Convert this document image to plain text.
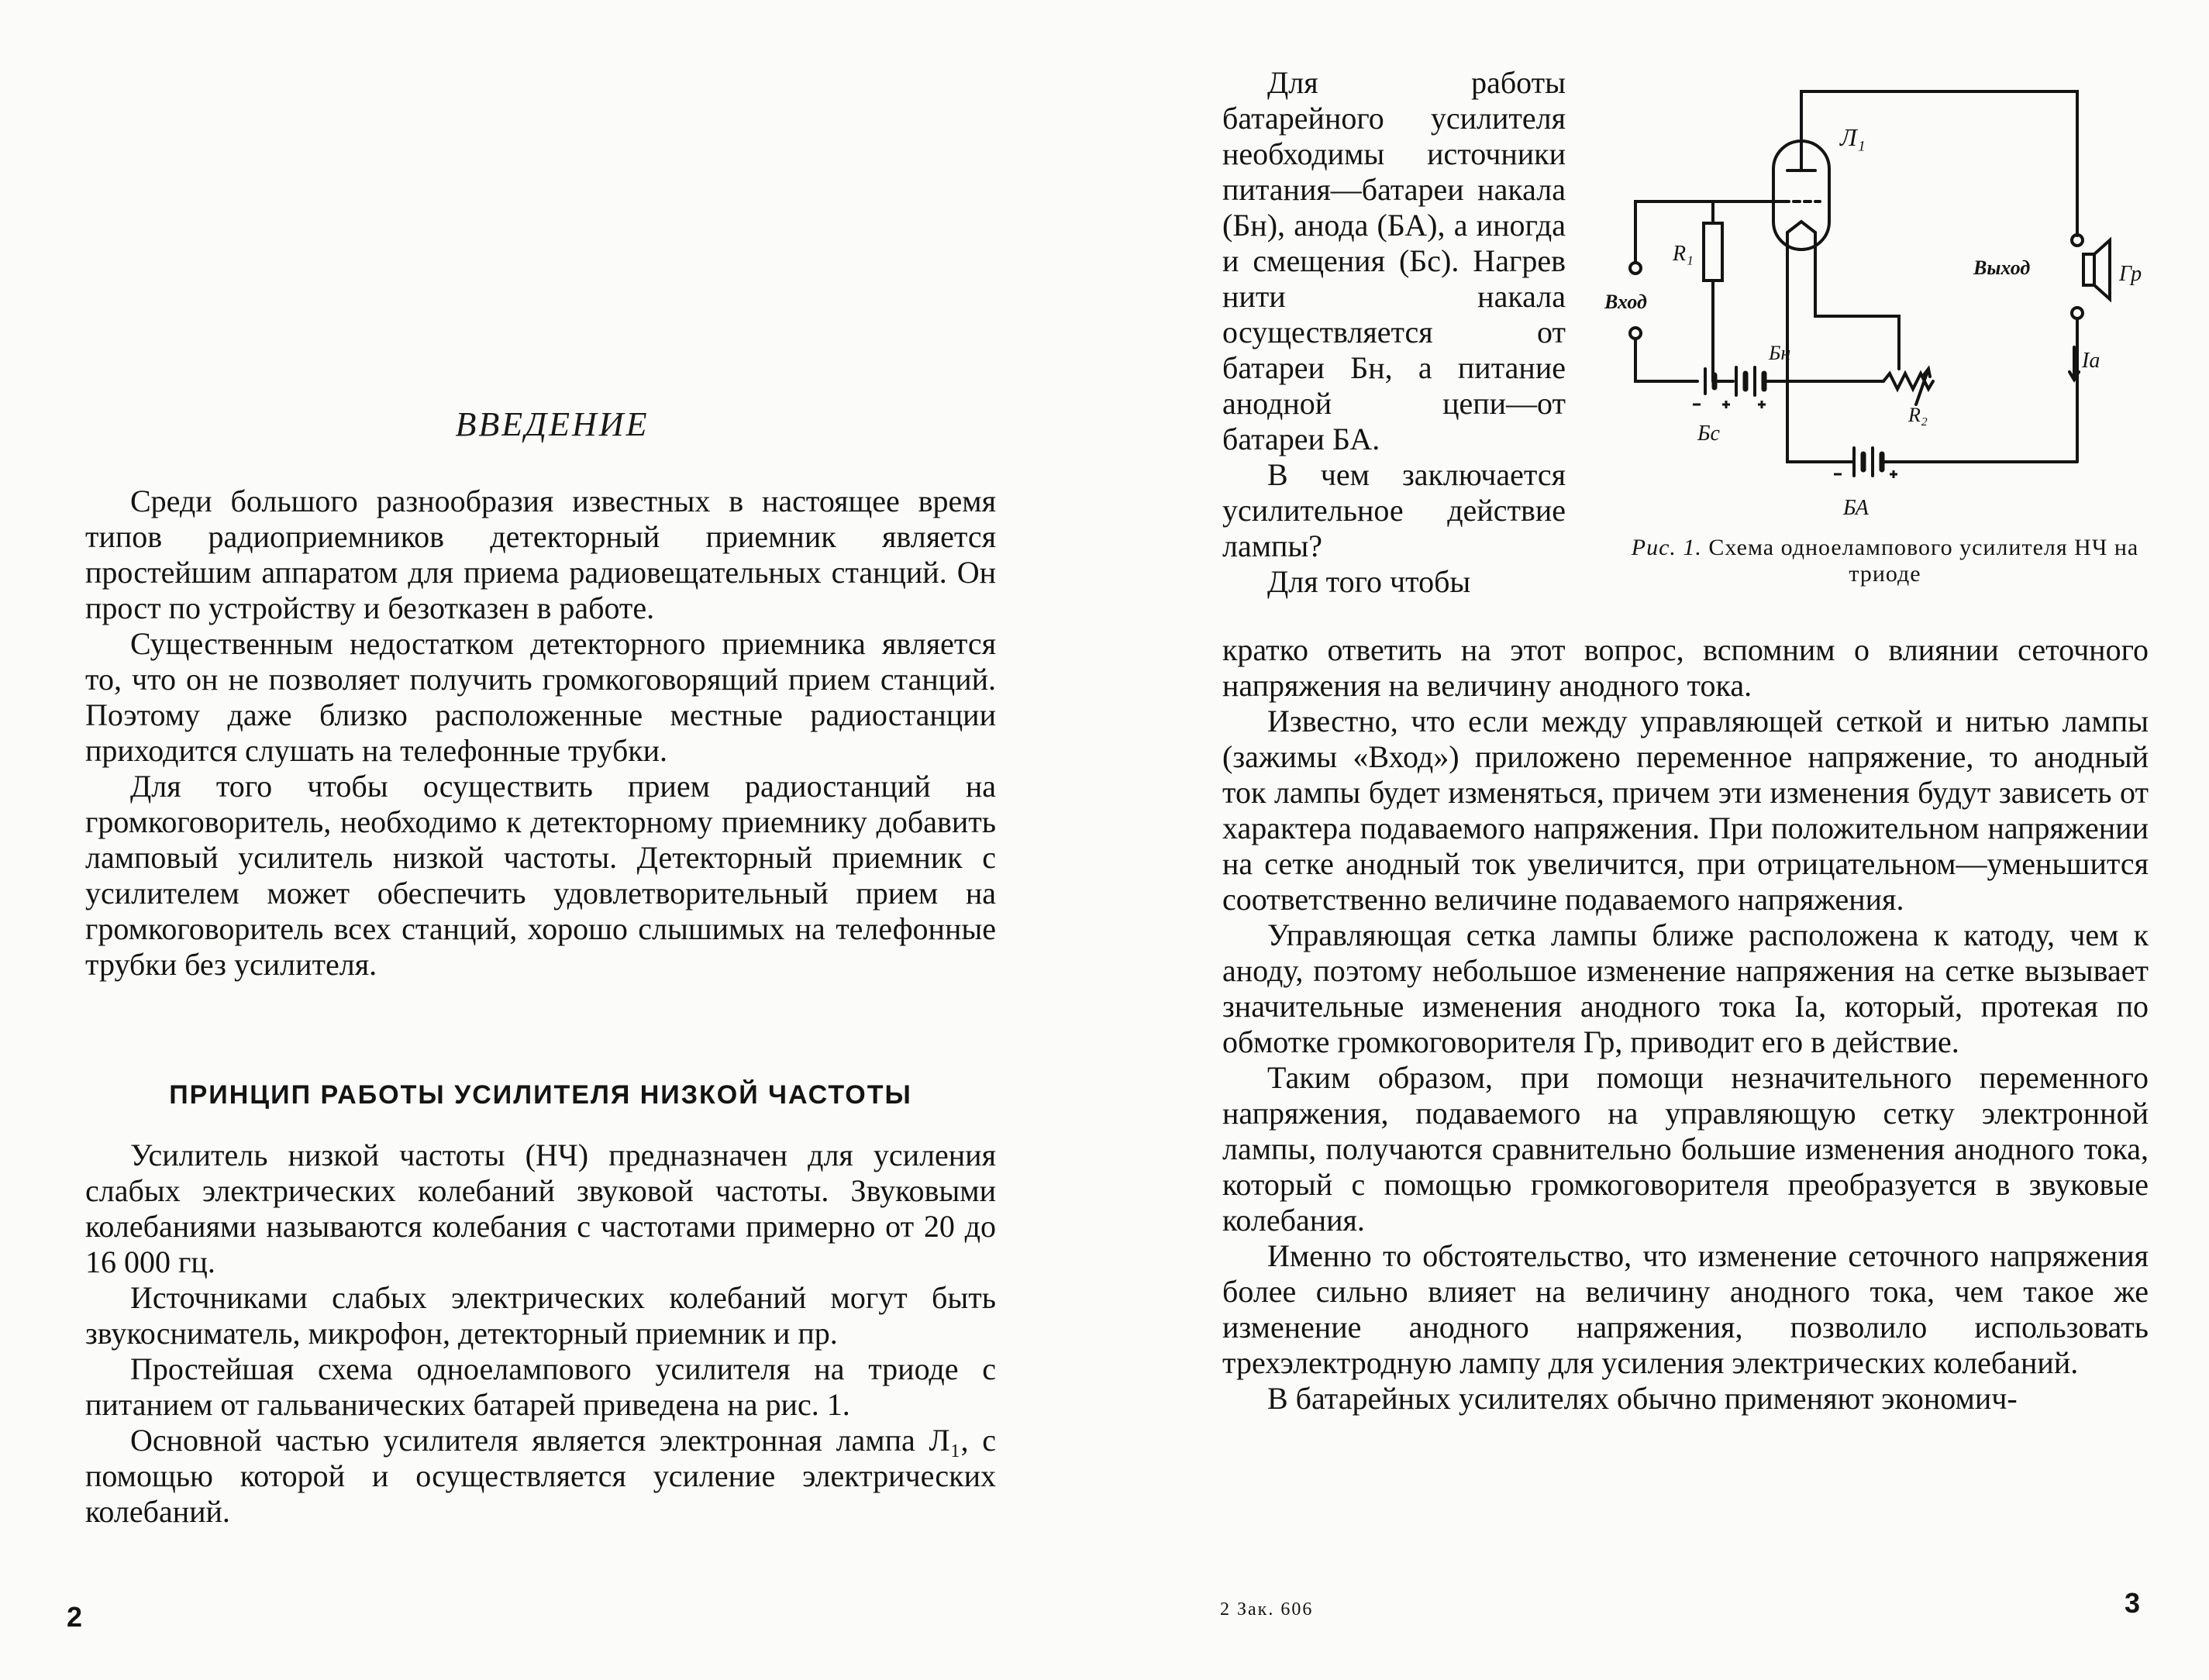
ВВЕДЕНИЕ

Среди большого разнообразия известных в настоящее время типов радиоприемников детекторный приемник является простейшим аппаратом для приема радиовещательных станций. Он прост по устройству и безотказен в работе.

Существенным недостатком детекторного приемника является то, что он не позволяет получить громкоговорящий прием станций. Поэтому даже близко расположенные местные радиостанции приходится слушать на телефонные трубки.

Для того чтобы осуществить прием радиостанций на громкоговоритель, необходимо к детекторному приемнику добавить ламповый усилитель низкой частоты. Детекторный приемник с усилителем может обеспечить удовлетворительный прием на громкоговоритель всех станций, хорошо слышимых на телефонные трубки без усилителя.

ПРИНЦИП РАБОТЫ УСИЛИТЕЛЯ НИЗКОЙ ЧАСТОТЫ

Усилитель низкой частоты (НЧ) предназначен для усиления слабых электрических колебаний звуковой частоты. Звуковыми колебаниями называются колебания с частотами примерно от 20 до 16 000 гц.

Источниками слабых электрических колебаний могут быть звукосниматель, микрофон, детекторный приемник и пр.

Простейшая схема одноелампового усилителя на триоде с питанием от гальванических батарей приведена на рис. 1.

Основной частью усилителя является электронная лампа Л₁, с помощью которой и осуществляется усиление электрических колебаний.

2

Для работы батарейного усилителя необходимы источники питания—батареи накала (Бн), анода (БА), а иногда и смещения (Бс). Нагрев нити накала осуществляется от батареи Бн, а питание анодной цепи—от батареи БА.

В чем заключается усилительное действие лампы?

Для того чтобы

кратко ответить на этот вопрос, вспомним о влиянии сеточного напряжения на величину анодного тока.

Известно, что если между управляющей сеткой и нитью лампы (зажимы «Вход») приложено переменное напряжение, то анодный ток лампы будет изменяться, причем эти изменения будут зависеть от характера подаваемого напряжения. При положительном напряжении на сетке анодный ток увеличится, при отрицательном—уменьшится соответственно величине подаваемого напряжения.

Управляющая сетка лампы ближе расположена к катоду, чем к аноду, поэтому небольшое изменение напряжения на сетке вызывает значительные изменения анодного тока Iа, который, протекая по обмотке громкоговорителя Гр, приводит его в действие.

Таким образом, при помощи незначительного переменного напряжения, подаваемого на управляющую сетку электронной лампы, получаются сравнительно большие изменения анодного тока, который с помощью громкоговорителя преобразуется в звуковые колебания.

Именно то обстоятельство, что изменение сеточного напряжения более сильно влияет на величину анодного тока, чем такое же изменение анодного напряжения, позволило использовать трехэлектродную лампу для усиления электрических колебаний.

В батарейных усилителях обычно применяют экономич-

Л₁
Вход
R₁
Бн
R₂
Бс
БА
Выход	Гр
Iа
Рис. 1. Схема одноелампового усилителя НЧ на триоде
2 Зак. 606	3
